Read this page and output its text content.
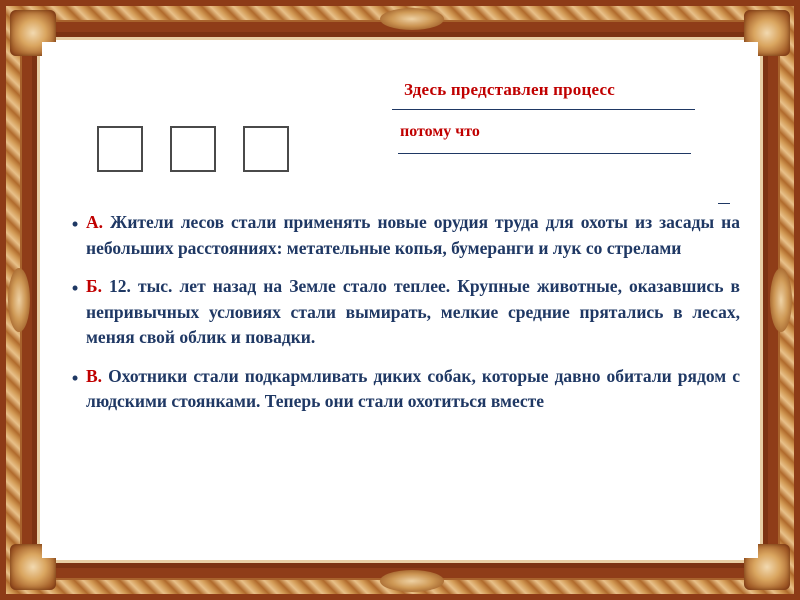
Здесь представлен процесс
потому что
• А. Жители лесов стали применять новые орудия труда для охоты из засады на небольших расстояниях: метательные копья, бумеранги и лук со стрелами
• Б. 12. тыс. лет назад на Земле стало теплее. Крупные животные, оказавшись в непривычных условиях стали вымирать, мелкие средние прятались в лесах, меняя свой облик и повадки.
• В. Охотники стали подкармливать диких собак, которые давно обитали рядом с людскими стоянками. Теперь они стали охотиться вместе
